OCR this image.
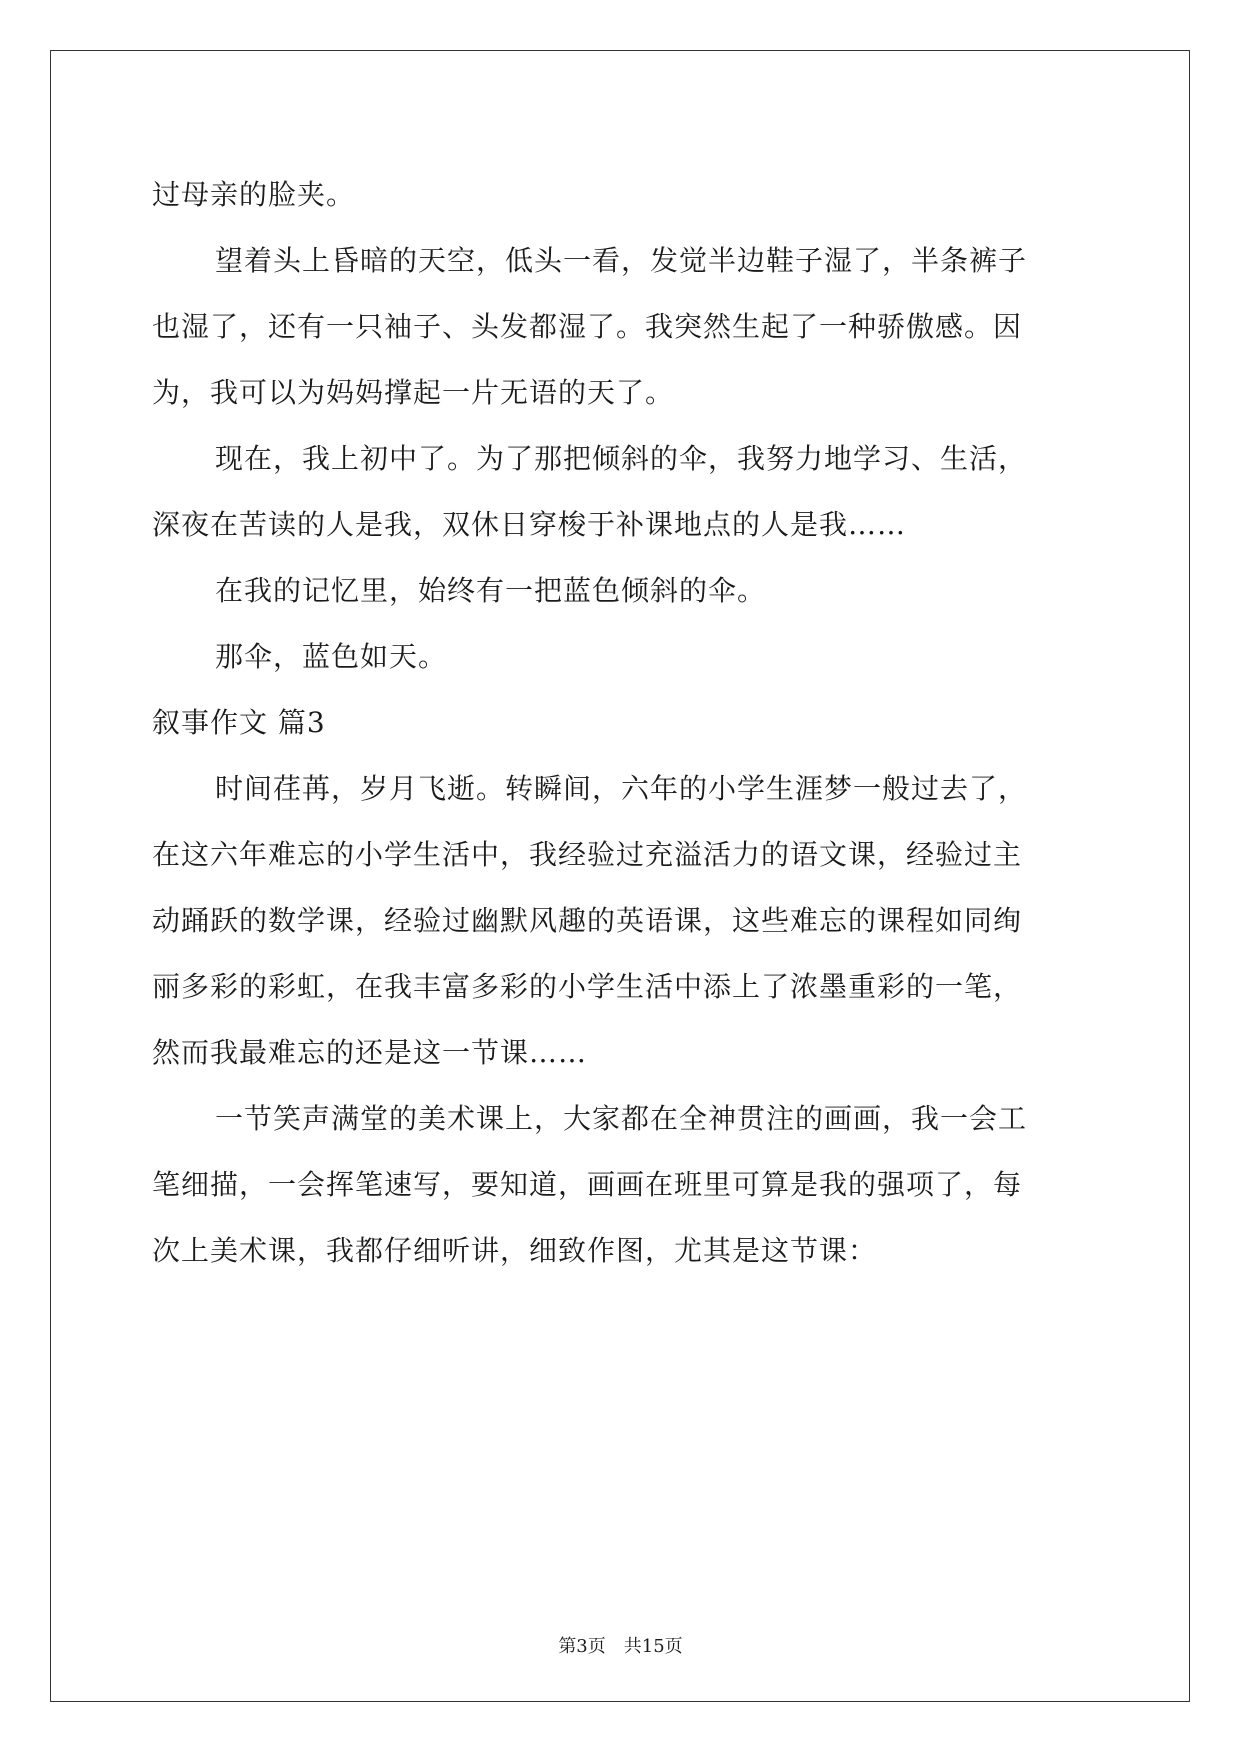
过母亲的脸夹。
望着头上昏暗的天空，低头一看，发觉半边鞋子湿了，半条裤子
也湿了，还有一只袖子、头发都湿了。我突然生起了一种骄傲感。因
为，我可以为妈妈撑起一片无语的天了。
现在，我上初中了。为了那把倾斜的伞，我努力地学习、生活，
深夜在苦读的人是我，双休日穿梭于补课地点的人是我……
在我的记忆里，始终有一把蓝色倾斜的伞。
那伞，蓝色如天。
叙事作文 篇3
时间荏苒，岁月飞逝。转瞬间，六年的小学生涯梦一般过去了，
在这六年难忘的小学生活中，我经验过充溢活力的语文课，经验过主
动踊跃的数学课，经验过幽默风趣的英语课，这些难忘的课程如同绚
丽多彩的彩虹，在我丰富多彩的小学生活中添上了浓墨重彩的一笔，
然而我最难忘的还是这一节课……
一节笑声满堂的美术课上，大家都在全神贯注的画画，我一会工
笔细描，一会挥笔速写，要知道，画画在班里可算是我的强项了，每
次上美术课，我都仔细听讲，细致作图，尤其是这节课：
第3页　共15页
